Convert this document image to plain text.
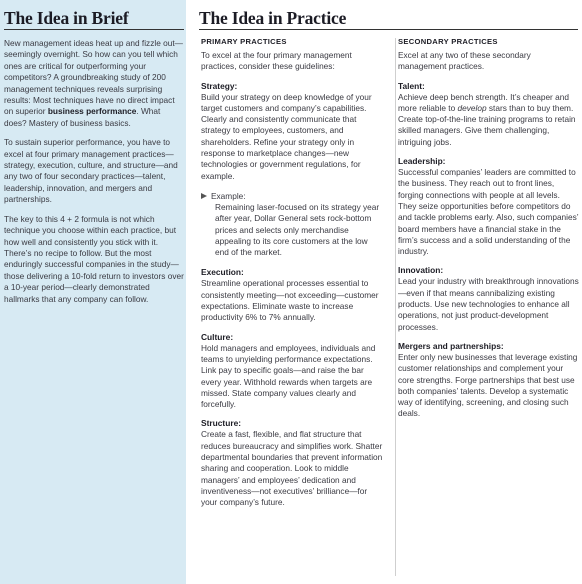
The Idea in Brief

New management ideas heat up and fizzle out—seemingly overnight. So how can you tell which ones are critical for outperforming your competitors? A groundbreaking study of 200 management techniques reveals surprising results: Most techniques have no direct impact on superior business performance. What does? Mastery of business basics.

To sustain superior performance, you have to excel at four primary management practices—strategy, execution, culture, and structure—and any two of four secondary practices—talent, leadership, innovation, and mergers and partnerships.

The key to this 4 + 2 formula is not which technique you choose within each practice, but how well and consistently you stick with it. There’s no recipe to follow. But the most enduringly successful companies in the study—those delivering a 10-fold return to investors over a 10-year period—clearly demonstrated hallmarks that any company can follow.

The Idea in Practice
PRIMARY PRACTICES

To excel at the four primary management practices, consider these guidelines:

Strategy:

Build your strategy on deep knowledge of your target customers and company’s capabilities. Clearly and consistently communicate that strategy to employees, customers, and shareholders. Refine your strategy only in response to marketplace changes—new technologies or government regulations, for example.

Example:

Remaining laser-focused on its strategy year after year, Dollar General sets rock-bottom prices and selects only merchandise appealing to its core customers at the low end of the market.

Execution:

Streamline operational processes essential to consistently meeting—not exceeding—customer expectations. Eliminate waste to increase productivity 6% to 7% annually.

Culture:

Hold managers and employees, individuals and teams to unyielding performance expectations. Link pay to specific goals—and raise the bar every year. Withhold rewards when targets are missed. State company values clearly and forcefully.

Structure:

Create a fast, flexible, and flat structure that reduces bureaucracy and simplifies work. Shatter departmental boundaries that prevent information sharing and cooperation. Look to middle managers’ and employees’ dedication and inventiveness—not executives’ brilliance—for your company’s future.

SECONDARY PRACTICES

Excel at any two of these secondary management practices.

Talent:

Achieve deep bench strength. It’s cheaper and more reliable to develop stars than to buy them. Create top-of-the-line training programs to retain skilled managers. Give them challenging, intriguing jobs.

Leadership:

Successful companies’ leaders are committed to the business. They reach out to front lines, forging connections with people at all levels. They seize opportunities before competitors do and tackle problems early. Also, such companies’ board members have a financial stake in the firm’s success and a solid understanding of the industry.

Innovation:

Lead your industry with breakthrough innovations—even if that means cannibalizing existing products. Use new technologies to enhance all operations, not just product-development processes.

Mergers and partnerships:

Enter only new businesses that leverage existing customer relationships and complement your core strengths. Forge partnerships that best use both companies’ talents. Develop a systematic way of identifying, screening, and closing such deals.
